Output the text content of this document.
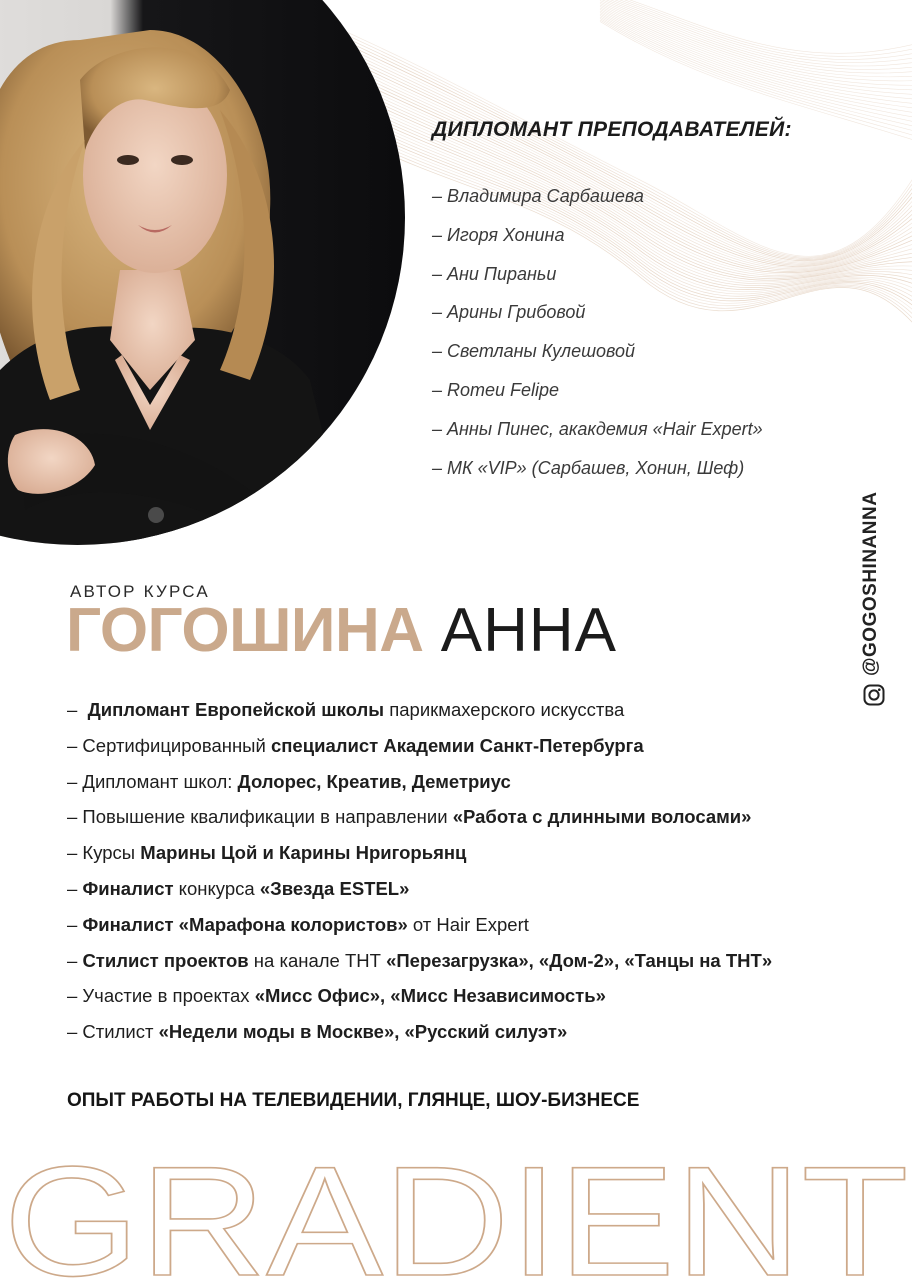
ДИПЛОМАНТ ПРЕПОДАВАТЕЛЕЙ:
– Владимира Сарбашева
– Игоря Хонина
– Ани Пираньи
– Арины Грибовой
– Светланы Кулешовой
– Romeu Felipe
– Анны Пинес, акакдемия «Hair Expert»
– МК «VIP» (Сарбашев, Хонин, Шеф)
@GOGOSHINANNA
АВТОР КУРСА
ГОГОШИНА АННА
–  Дипломант Европейской школы парикмахерского искусства
– Сертифицированный специалист Академии Санкт-Петербурга
– Дипломант школ: Долорес, Креатив, Деметриус
– Повышение квалификации в направлении «Работа с длинными волосами»
– Курсы Марины Цой и Карины Нригорьянц
– Финалист конкурса «Звезда ESTEL»
– Финалист «Марафона колористов» от Hair Expert
– Стилист проектов на канале ТНТ «Перезагрузка», «Дом-2», «Танцы на ТНТ»
– Участие в проектах «Мисс Офис», «Мисс Независимость»
– Стилист «Недели моды в Москве», «Русский силуэт»
ОПЫТ РАБОТЫ НА ТЕЛЕВИДЕНИИ, ГЛЯНЦЕ, ШОУ-БИЗНЕСЕ
GRADIENT
